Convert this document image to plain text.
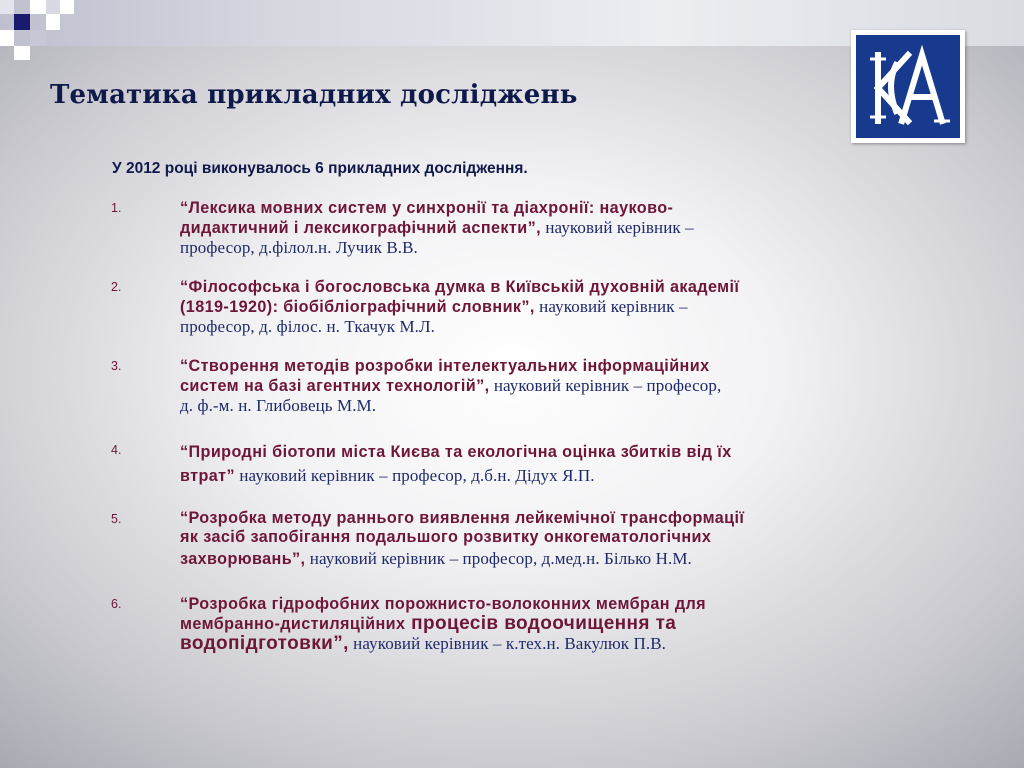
Тематика прикладних досліджень
У 2012 році виконувалось 6 прикладних дослідження.
1.	“Лексика мовних систем у синхронії та діахронії: науково-
дидактичний і лексикографічний аспекти”, науковий керівник –
професор, д.філол.н. Лучик В.В.
2.	“Філософська і богословська думка в Київській духовній академії
(1819-1920): біобібліографічний словник”, науковий керівник –
професор, д. філос. н. Ткачук М.Л.
3.	“Створення методів розробки інтелектуальних інформаційних
систем на базі агентних технологій”, науковий керівник – професор,
д. ф.-м. н. Глибовець М.М.
4.	“Природні біотопи міста Києва та екологічна оцінка збитків від їх
втрат” науковий керівник – професор, д.б.н. Дідух Я.П.
5.	“Розробка методу раннього виявлення лейкемічної трансформації
як засіб запобігання подальшого розвитку онкогематологічних
захворювань”, науковий керівник – професор, д.мед.н. Білько Н.М.
6.	“Розробка гідрофобних порожнисто-волоконних мембран для
мембранно-дистиляційних процесів водоочищення та
водопідготовки”, науковий керівник – к.тех.н. Вакулюк П.В.
